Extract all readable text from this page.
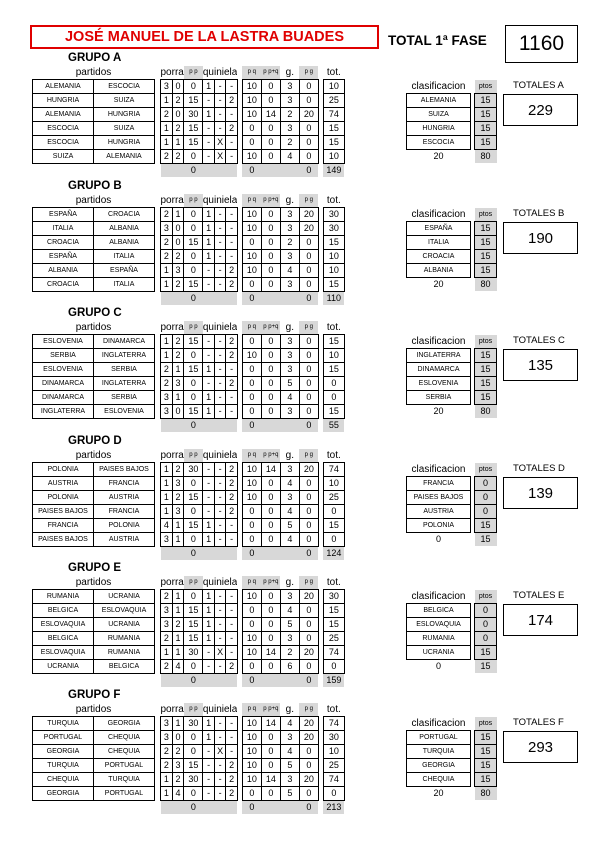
JOSÉ MANUEL DE LA LASTRA BUADES	TOTAL 1ª FASE	1160
GRUPO A
partidos			porra		p p	quiniela				p q	p p+q	g.	p g		tot.
ALEMANIA	ESCOCIA		3	0	0	1	-	-		10	0	3	0		10
HUNGRIA	SUIZA		1	2	15	-	-	2		10	0	3	0		25
ALEMANIA	HUNGRIA		2	0	30	1	-	-		10	14	2	20		74
ESCOCIA	SUIZA		1	2	15	-	-	2		0	0	3	0		15
ESCOCIA	HUNGRIA		1	1	15	-	X	-		0	0	2	0		15
SUIZA	ALEMANIA		2	2	0	-	X	-		10	0	4	0		10
					0					0			0		149
clasificacion		ptos
ALEMANIA		15
SUIZA		15
HUNGRIA		15
ESCOCIA		15
20		80
TOTALES A
229
GRUPO B
partidos			porra		p p	quiniela				p q	p p+q	g.	p g		tot.
ESPAÑA	CROACIA		2	1	0	1	-	-		10	0	3	20		30
ITALIA	ALBANIA		3	0	0	1	-	-		10	0	3	20		30
CROACIA	ALBANIA		2	0	15	1	-	-		0	0	2	0		15
ESPAÑA	ITALIA		2	2	0	1	-	-		10	0	3	0		10
ALBANIA	ESPAÑA		1	3	0	-	-	2		10	0	4	0		10
CROACIA	ITALIA		1	2	15	-	-	2		0	0	3	0		15
					0					0			0		110
clasificacion		ptos
ESPAÑA		15
ITALIA		15
CROACIA		15
ALBANIA		15
20		80
TOTALES B
190
GRUPO C
partidos			porra		p p	quiniela				p q	p p+q	g.	p g		tot.
ESLOVENIA	DINAMARCA		1	2	15	-	-	2		0	0	3	0		15
SERBIA	INGLATERRA		1	2	0	-	-	2		10	0	3	0		10
ESLOVENIA	SERBIA		2	1	15	1	-	-		0	0	3	0		15
DINAMARCA	INGLATERRA		2	3	0	-	-	2		0	0	5	0		0
DINAMARCA	SERBIA		3	1	0	1	-	-		0	0	4	0		0
INGLATERRA	ESLOVENIA		3	0	15	1	-	-		0	0	3	0		15
					0					0			0		55
clasificacion		ptos
INGLATERRA		15
DINAMARCA		15
ESLOVENIA		15
SERBIA		15
20		80
TOTALES C
135
GRUPO D
partidos			porra		p p	quiniela				p q	p p+q	g.	p g		tot.
POLONIA	PAISES BAJOS		1	2	30	-	-	2		10	14	3	20		74
AUSTRIA	FRANCIA		1	3	0	-	-	2		10	0	4	0		10
POLONIA	AUSTRIA		1	2	15	-	-	2		10	0	3	0		25
PAISES BAJOS	FRANCIA		1	3	0	-	-	2		0	0	4	0		0
FRANCIA	POLONIA		4	1	15	1	-	-		0	0	5	0		15
PAISES BAJOS	AUSTRIA		3	1	0	1	-	-		0	0	4	0		0
					0					0			0		124
clasificacion		ptos
FRANCIA		0
PAISES BAJOS		0
AUSTRIA		0
POLONIA		15
0		15
TOTALES D
139
GRUPO E
partidos			porra		p p	quiniela				p q	p p+q	g.	p g		tot.
RUMANIA	UCRANIA		2	1	0	1	-	-		10	0	3	20		30
BELGICA	ESLOVAQUIA		3	1	15	1	-	-		0	0	4	0		15
ESLOVAQUIA	UCRANIA		3	2	15	1	-	-		0	0	5	0		15
BELGICA	RUMANIA		2	1	15	1	-	-		10	0	3	0		25
ESLOVAQUIA	RUMANIA		1	1	30	-	X	-		10	14	2	20		74
UCRANIA	BELGICA		2	4	0	-	-	2		0	0	6	0		0
					0					0			0		159
clasificacion		ptos
BELGICA		0
ESLOVAQUIA		0
RUMANIA		0
UCRANIA		15
0		15
TOTALES E
174
GRUPO F
partidos			porra		p p	quiniela				p q	p p+q	g.	p g		tot.
TURQUIA	GEORGIA		3	1	30	1	-	-		10	14	4	20		74
PORTUGAL	CHEQUIA		3	0	0	1	-	-		10	0	3	20		30
GEORGIA	CHEQUIA		2	2	0	-	X	-		10	0	4	0		10
TURQUIA	PORTUGAL		2	3	15	-	-	2		10	0	5	0		25
CHEQUIA	TURQUIA		1	2	30	-	-	2		10	14	3	20		74
GEORGIA	PORTUGAL		1	4	0	-	-	2		0	0	5	0		0
					0					0			0		213
clasificacion		ptos
PORTUGAL		15
TURQUIA		15
GEORGIA		15
CHEQUIA		15
20		80
TOTALES F
293
